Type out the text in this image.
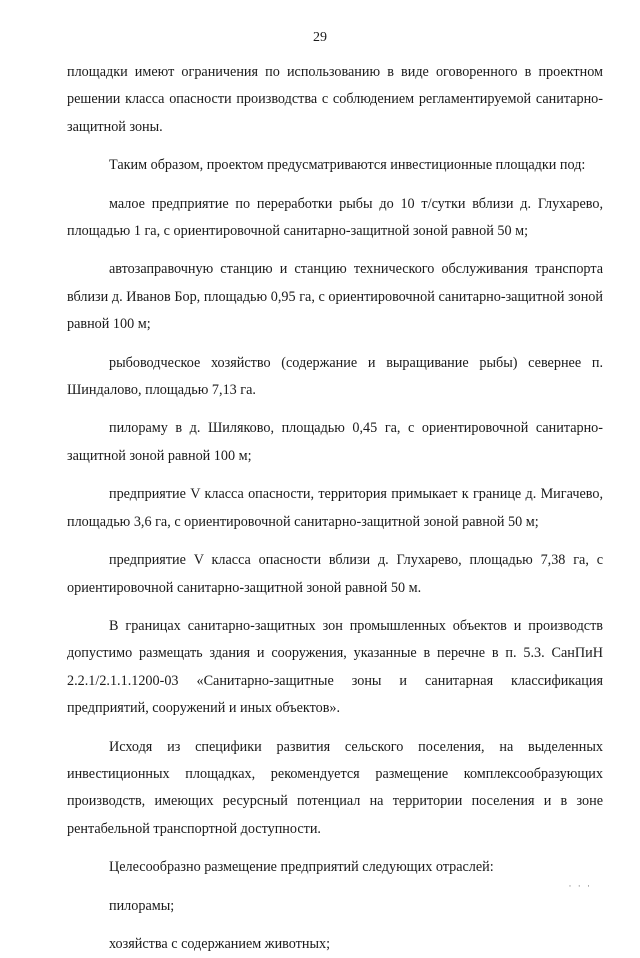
29

площадки имеют ограничения по использованию в виде оговоренного в проектном решении класса опасности производства с соблюдением регламентируемой санитарно-защитной зоны.

Таким образом, проектом предусматриваются инвестиционные площадки под:

малое предприятие по переработки рыбы до 10 т/сутки вблизи д. Глухарево, площадью 1 га, с ориентировочной санитарно-защитной зоной равной 50 м;

автозаправочную станцию и станцию технического обслуживания транспорта вблизи д. Иванов Бор, площадью 0,95 га, с ориентировочной санитарно-защитной зоной равной 100 м;

рыбоводческое хозяйство (содержание и выращивание рыбы) севернее п. Шиндалово, площадью 7,13 га.

пилораму в д. Шиляково, площадью 0,45 га, с ориентировочной санитарно-защитной зоной равной 100 м;

предприятие V класса опасности, территория примыкает к границе д. Мигачево, площадью 3,6 га, с ориентировочной санитарно-защитной зоной равной 50 м;

предприятие V класса опасности вблизи д. Глухарево, площадью 7,38 га, с ориентировочной санитарно-защитной зоной равной 50 м.

В границах санитарно-защитных зон промышленных объектов и производств допустимо размещать здания и сооружения, указанные в перечне в п. 5.3. СанПиН 2.2.1/2.1.1.1200-03 «Санитарно-защитные зоны и санитарная классификация предприятий, сооружений и иных объектов».

Исходя из специфики развития сельского поселения, на выделенных инвестиционных площадках, рекомендуется размещение комплексообразующих производств, имеющих ресурсный потенциал на территории поселения и в зоне рентабельной транспортной доступности.

Целесообразно размещение предприятий следующих отраслей:

пилорамы;

хозяйства с содержанием животных;

· · ·
